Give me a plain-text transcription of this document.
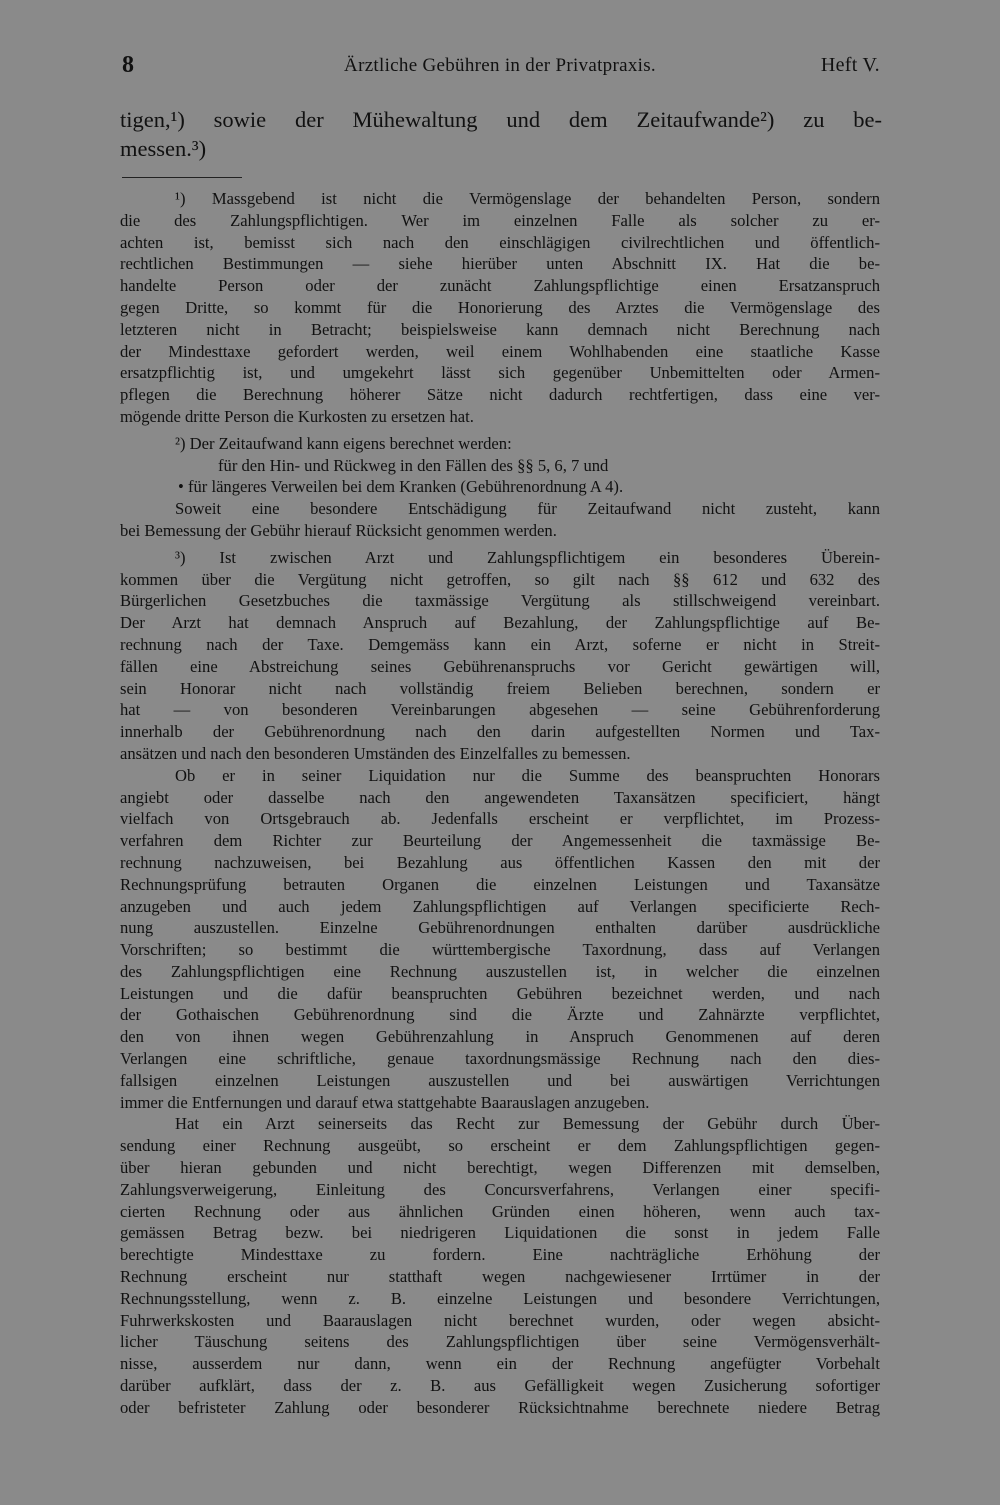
8	Ärztliche Gebühren in der Privatpraxis.	Heft V.
tigen,¹) sowie der Mühewaltung und dem Zeitaufwande²) zu be-
messen.³)
¹) Massgebend ist nicht die Vermögenslage der behandelten Person, sondern
die des Zahlungspflichtigen. Wer im einzelnen Falle als solcher zu er-
achten ist, bemisst sich nach den einschlägigen civilrechtlichen und öffentlich-
rechtlichen Bestimmungen — siehe hierüber unten Abschnitt IX. Hat die be-
handelte Person oder der zunächt Zahlungspflichtige einen Ersatzanspruch
gegen Dritte, so kommt für die Honorierung des Arztes die Vermögenslage des
letzteren nicht in Betracht; beispielsweise kann demnach nicht Berechnung nach
der Mindesttaxe gefordert werden, weil einem Wohlhabenden eine staatliche Kasse
ersatzpflichtig ist, und umgekehrt lässt sich gegenüber Unbemittelten oder Armen-
pflegen die Berechnung höherer Sätze nicht dadurch rechtfertigen, dass eine ver-
mögende dritte Person die Kurkosten zu ersetzen hat.
²) Der Zeitaufwand kann eigens berechnet werden:
für den Hin- und Rückweg in den Fällen des §§ 5, 6, 7 und
• für längeres Verweilen bei dem Kranken (Gebührenordnung A 4).
Soweit eine besondere Entschädigung für Zeitaufwand nicht zusteht, kann
bei Bemessung der Gebühr hierauf Rücksicht genommen werden.
³) Ist zwischen Arzt und Zahlungspflichtigem ein besonderes Überein-
kommen über die Vergütung nicht getroffen, so gilt nach §§ 612 und 632 des
Bürgerlichen Gesetzbuches die taxmässige Vergütung als stillschweigend vereinbart.
Der Arzt hat demnach Anspruch auf Bezahlung, der Zahlungspflichtige auf Be-
rechnung nach der Taxe. Demgemäss kann ein Arzt, soferne er nicht in Streit-
fällen eine Abstreichung seines Gebührenanspruchs vor Gericht gewärtigen will,
sein Honorar nicht nach vollständig freiem Belieben berechnen, sondern er
hat — von besonderen Vereinbarungen abgesehen — seine Gebührenforderung
innerhalb der Gebührenordnung nach den darin aufgestellten Normen und Tax-
ansätzen und nach den besonderen Umständen des Einzelfalles zu bemessen.
Ob er in seiner Liquidation nur die Summe des beanspruchten Honorars
angiebt oder dasselbe nach den angewendeten Taxansätzen specificiert, hängt
vielfach von Ortsgebrauch ab. Jedenfalls erscheint er verpflichtet, im Prozess-
verfahren dem Richter zur Beurteilung der Angemessenheit die taxmässige Be-
rechnung nachzuweisen, bei Bezahlung aus öffentlichen Kassen den mit der
Rechnungsprüfung betrauten Organen die einzelnen Leistungen und Taxansätze
anzugeben und auch jedem Zahlungspflichtigen auf Verlangen specificierte Rech-
nung auszustellen. Einzelne Gebührenordnungen enthalten darüber ausdrückliche
Vorschriften; so bestimmt die württembergische Taxordnung, dass auf Verlangen
des Zahlungspflichtigen eine Rechnung auszustellen ist, in welcher die einzelnen
Leistungen und die dafür beanspruchten Gebühren bezeichnet werden, und nach
der Gothaischen Gebührenordnung sind die Ärzte und Zahnärzte verpflichtet,
den von ihnen wegen Gebührenzahlung in Anspruch Genommenen auf deren
Verlangen eine schriftliche, genaue taxordnungsmässige Rechnung nach den dies-
fallsigen einzelnen Leistungen auszustellen und bei auswärtigen Verrichtungen
immer die Entfernungen und darauf etwa stattgehabte Baarauslagen anzugeben.
Hat ein Arzt seinerseits das Recht zur Bemessung der Gebühr durch Über-
sendung einer Rechnung ausgeübt, so erscheint er dem Zahlungspflichtigen gegen-
über hieran gebunden und nicht berechtigt, wegen Differenzen mit demselben,
Zahlungsverweigerung, Einleitung des Concursverfahrens, Verlangen einer specifi-
cierten Rechnung oder aus ähnlichen Gründen einen höheren, wenn auch tax-
gemässen Betrag bezw. bei niedrigeren Liquidationen die sonst in jedem Falle
berechtigte Mindesttaxe zu fordern. Eine nachträgliche Erhöhung der
Rechnung erscheint nur statthaft wegen nachgewiesener Irrtümer in der
Rechnungsstellung, wenn z. B. einzelne Leistungen und besondere Verrichtungen,
Fuhrwerkskosten und Baarauslagen nicht berechnet wurden, oder wegen absicht-
licher Täuschung seitens des Zahlungspflichtigen über seine Vermögensverhält-
nisse, ausserdem nur dann, wenn ein der Rechnung angefügter Vorbehalt
darüber aufklärt, dass der z. B. aus Gefälligkeit wegen Zusicherung sofortiger
oder befristeter Zahlung oder besonderer Rücksichtnahme berechnete niedere Betrag
